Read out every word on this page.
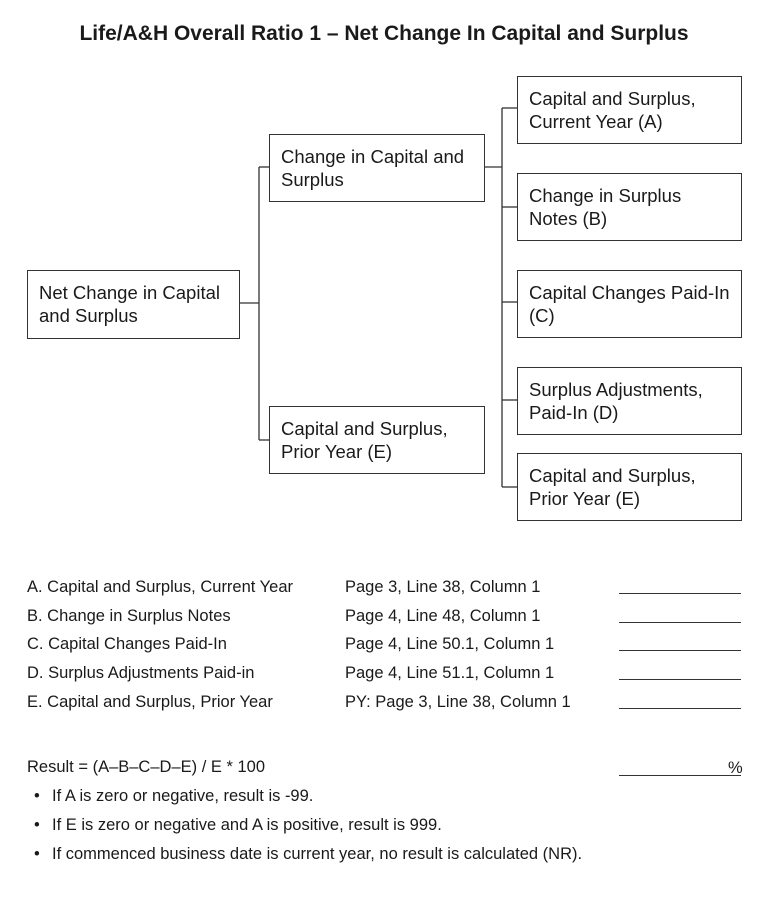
Life/A&H Overall Ratio 1 – Net Change In Capital and Surplus
Net Change in Capital and Surplus
Change in Capital and Surplus
Capital and Surplus, Prior Year (E)
Capital and Surplus, Current Year (A)
Change in Surplus Notes (B)
Capital Changes Paid-In (C)
Surplus Adjustments, Paid-In (D)
Capital and Surplus, Prior Year (E)
A. Capital and Surplus, Current Year	Page 3, Line 38, Column 1
B. Change in Surplus Notes	Page 4, Line 48, Column 1
C. Capital Changes Paid-In	Page 4, Line 50.1, Column 1
D. Surplus Adjustments Paid-in	Page 4, Line 51.1, Column 1
E. Capital and Surplus, Prior Year	PY: Page 3, Line 38, Column 1
Result = (A–B–C–D–E) / E * 100	%
• If A is zero or negative, result is -99.
• If E is zero or negative and A is positive, result is 999.
• If commenced business date is current year, no result is calculated (NR).
